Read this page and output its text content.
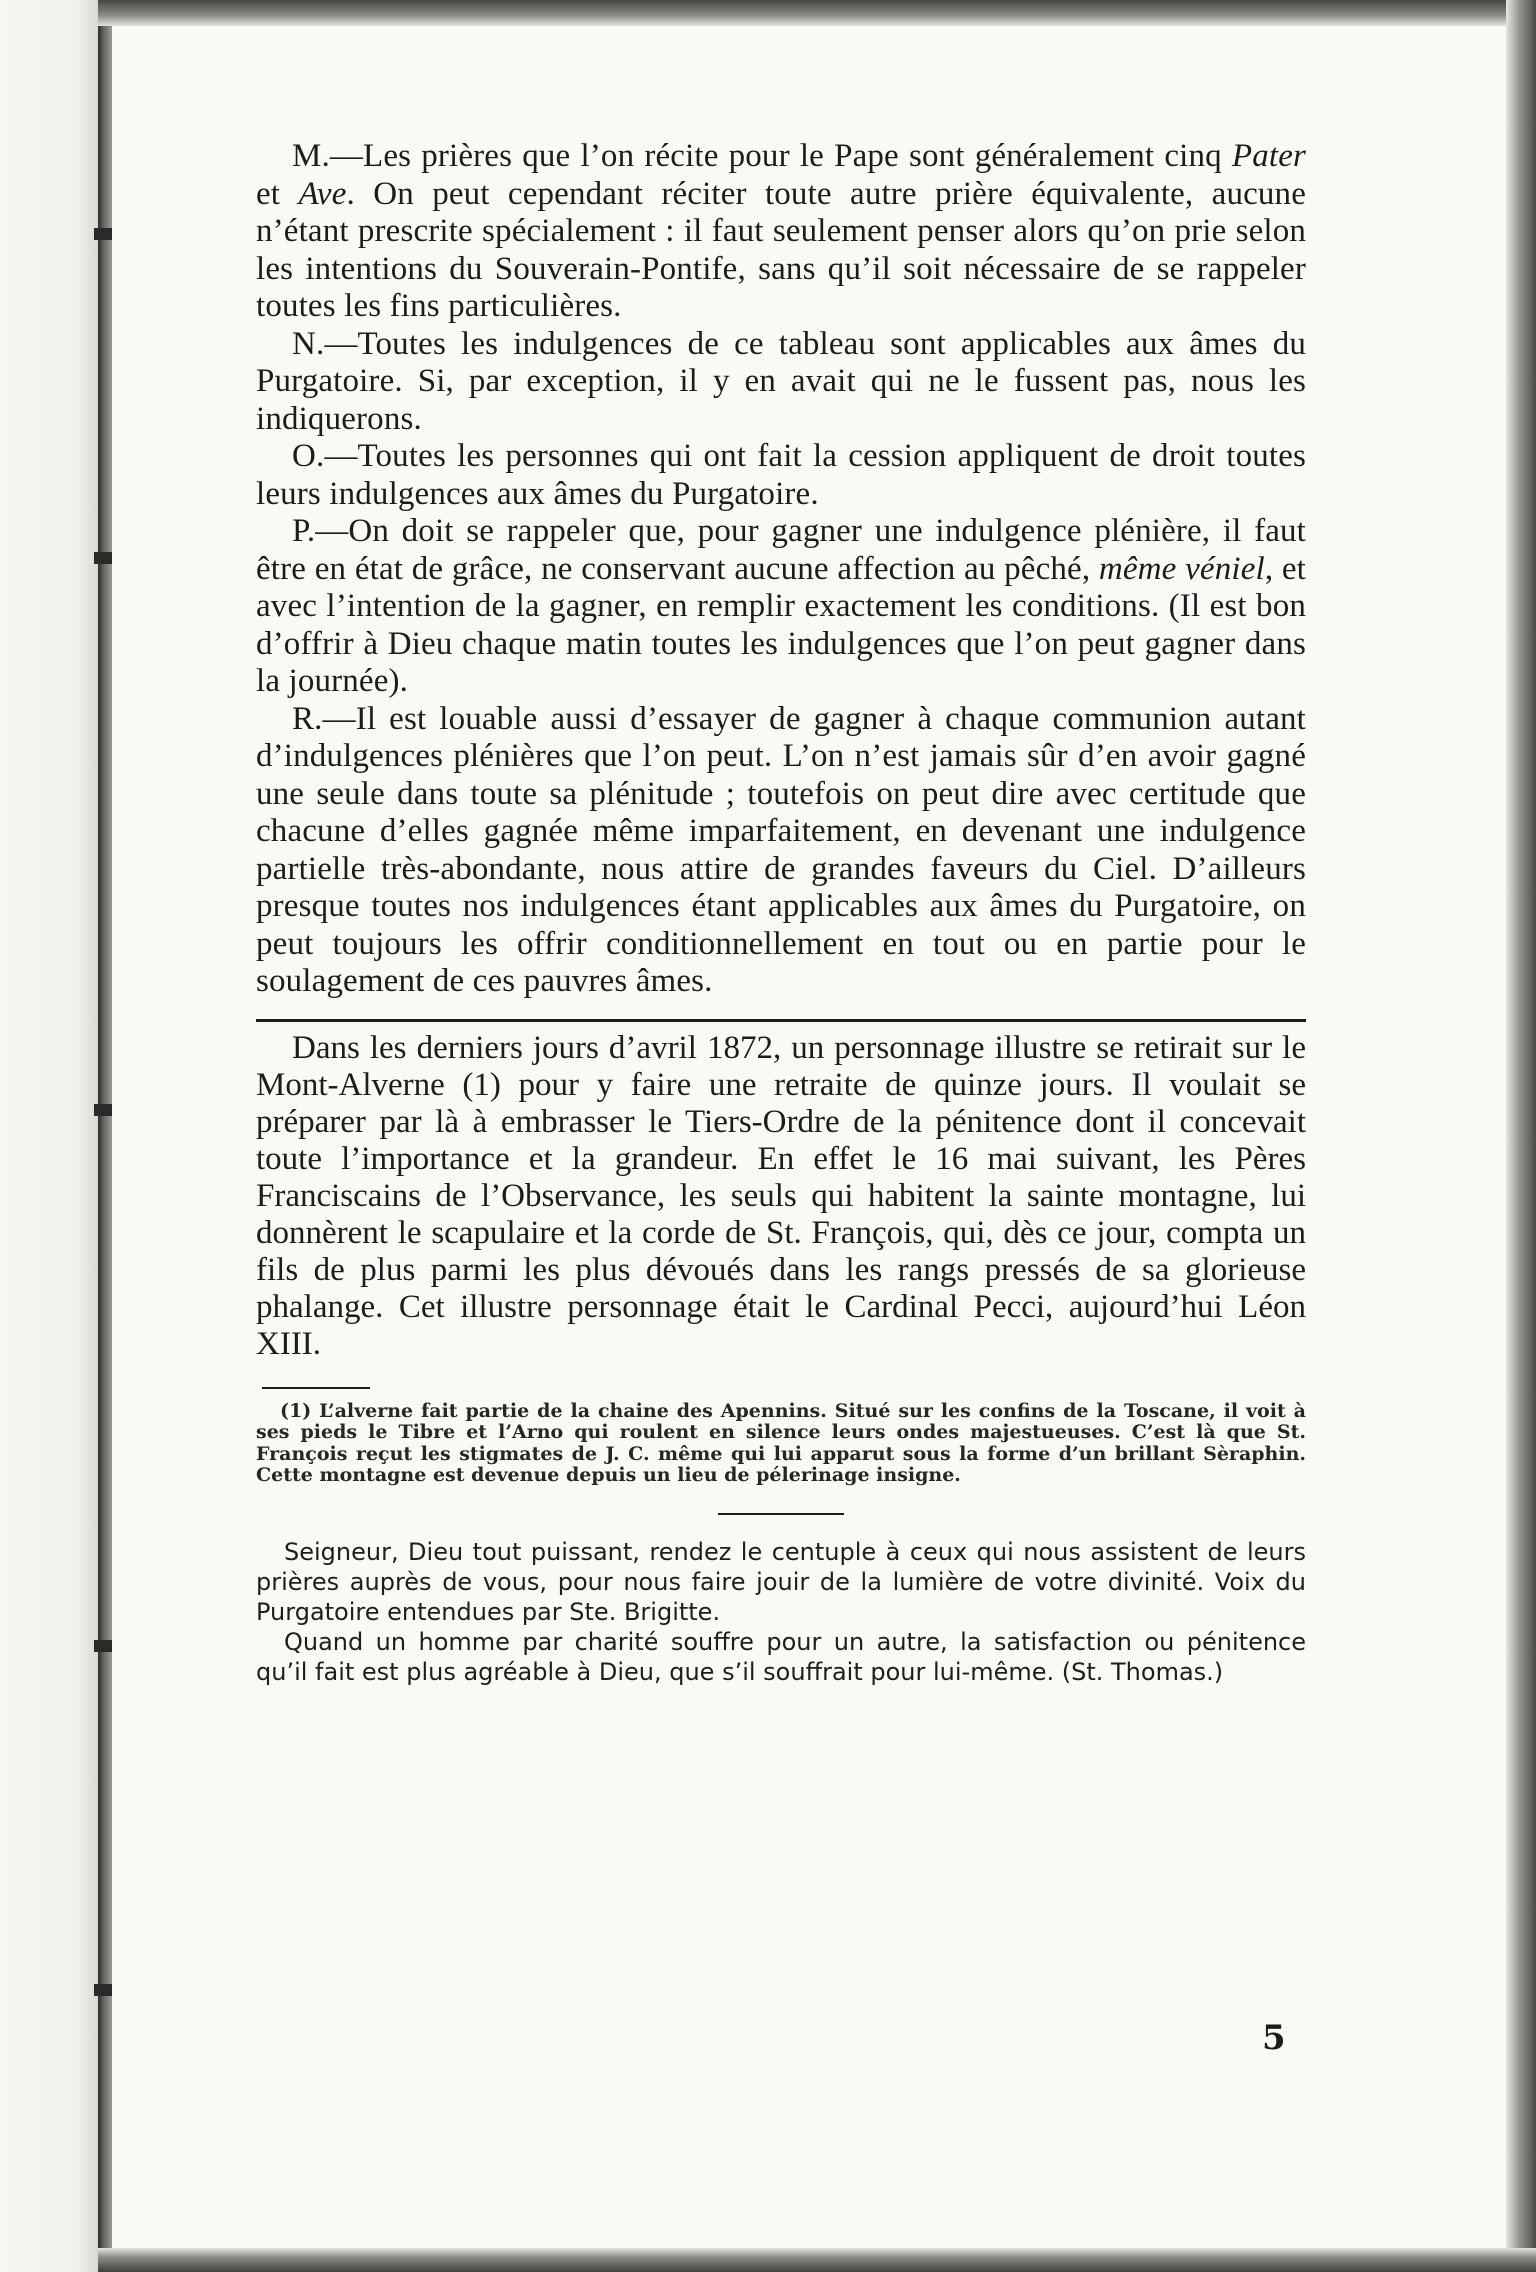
M.—Les prières que l’on récite pour le Pape sont généralement cinq Pater et Ave. On peut cependant réciter toute autre prière équivalente, aucune n’étant prescrite spécialement : il faut seulement penser alors qu’on prie selon les intentions du Souverain-Pontife, sans qu’il soit nécessaire de se rappeler toutes les fins particulières.

N.—Toutes les indulgences de ce tableau sont applicables aux âmes du Purgatoire. Si, par exception, il y en avait qui ne le fussent pas, nous les indiquerons.

O.—Toutes les personnes qui ont fait la cession appliquent de droit toutes leurs indulgences aux âmes du Purgatoire.

P.—On doit se rappeler que, pour gagner une indulgence plénière, il faut être en état de grâce, ne conservant aucune affection au pêché, même véniel, et avec l’intention de la gagner, en remplir exactement les conditions. (Il est bon d’offrir à Dieu chaque matin toutes les indulgences que l’on peut gagner dans la journée).

R.—Il est louable aussi d’essayer de gagner à chaque communion autant d’indulgences plénières que l’on peut. L’on n’est jamais sûr d’en avoir gagné une seule dans toute sa plénitude ; toutefois on peut dire avec certitude que chacune d’elles gagnée même imparfaitement, en devenant une indulgence partielle très-abondante, nous attire de grandes faveurs du Ciel. D’ailleurs presque toutes nos indulgences étant applicables aux âmes du Purgatoire, on peut toujours les offrir conditionnellement en tout ou en partie pour le soulagement de ces pauvres âmes.

Dans les derniers jours d’avril 1872, un personnage illustre se retirait sur le Mont-Alverne (1) pour y faire une retraite de quinze jours. Il voulait se préparer par là à embrasser le Tiers-Ordre de la pénitence dont il concevait toute l’importance et la grandeur. En effet le 16 mai suivant, les Pères Franciscains de l’Observance, les seuls qui habitent la sainte montagne, lui donnèrent le scapulaire et la corde de St. François, qui, dès ce jour, compta un fils de plus parmi les plus dévoués dans les rangs pressés de sa glorieuse phalange. Cet illustre personnage était le Cardinal Pecci, aujourd’hui Léon XIII.

(1) L’alverne fait partie de la chaine des Apennins. Situé sur les confins de la Toscane, il voit à ses pieds le Tibre et l’Arno qui roulent en silence leurs ondes majestueuses. C’est là que St. François reçut les stigmates de J. C. même qui lui apparut sous la forme d’un brillant Sèraphin. Cette montagne est devenue depuis un lieu de pélerinage insigne.

Seigneur, Dieu tout puissant, rendez le centuple à ceux qui nous assistent de leurs prières auprès de vous, pour nous faire jouir de la lumière de votre divinité. Voix du Purgatoire entendues par Ste. Brigitte.

Quand un homme par charité souffre pour un autre, la satisfaction ou pénitence qu’il fait est plus agréable à Dieu, que s’il souffrait pour lui-même. (St. Thomas.)

5
